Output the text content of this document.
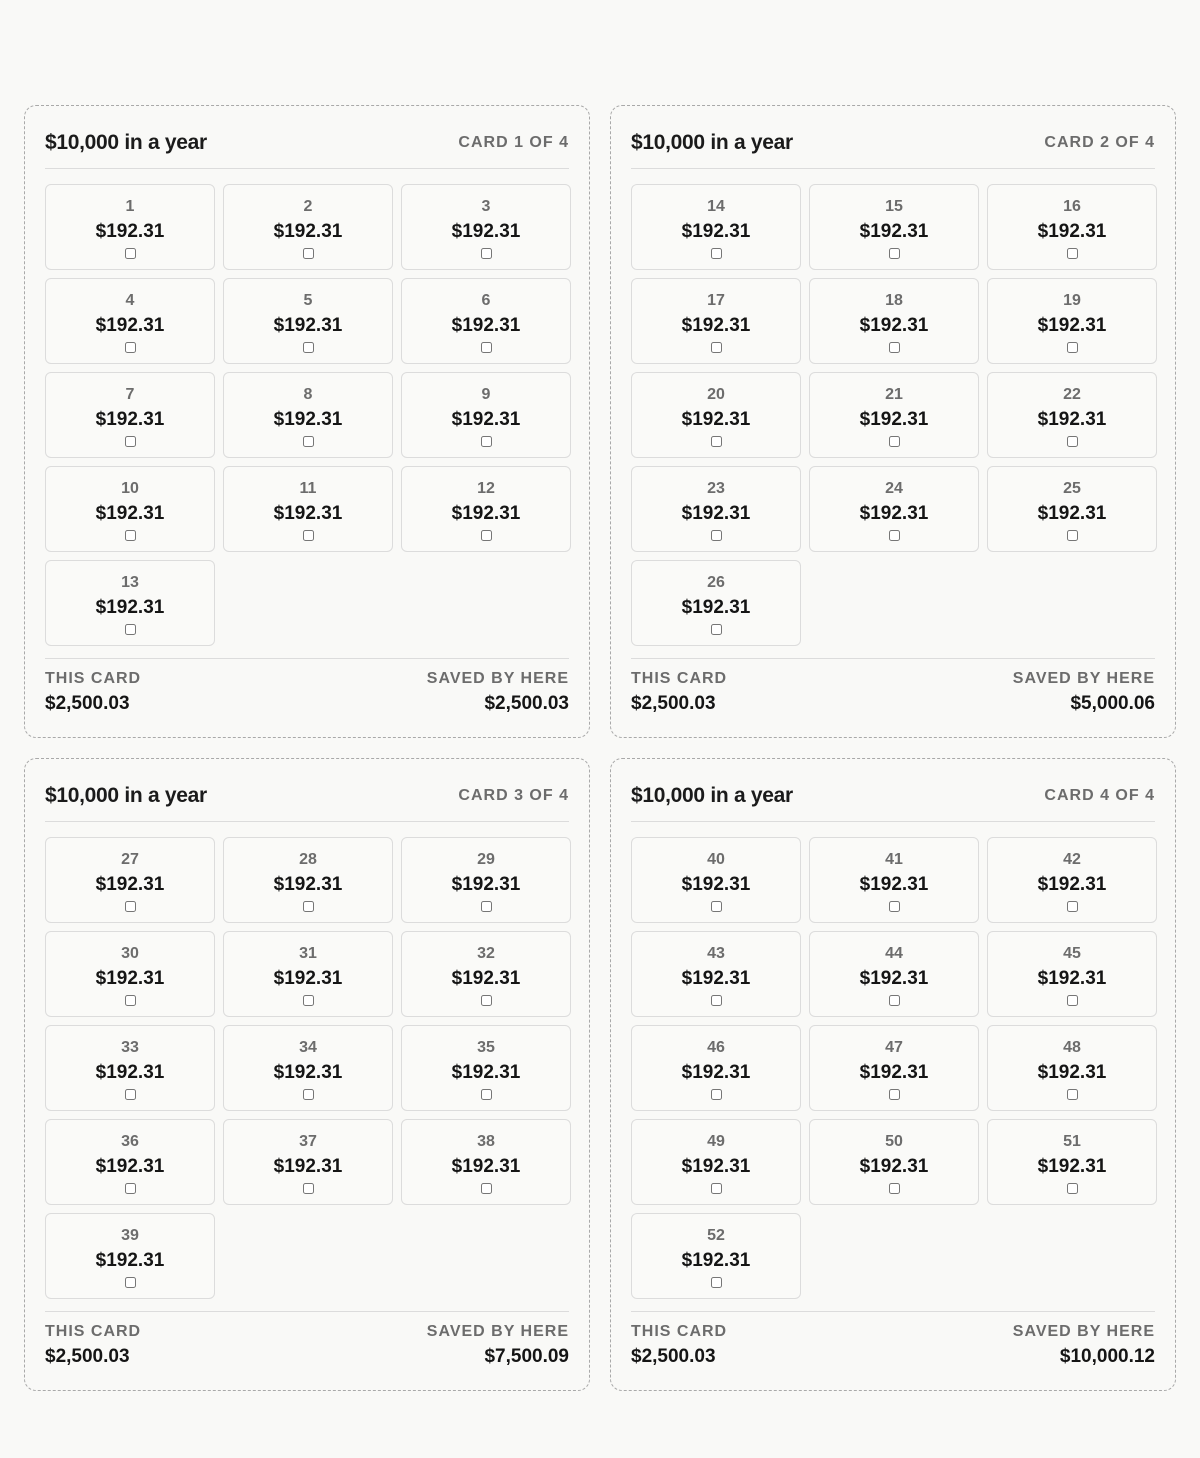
$10,000 in a year	CARD 1 OF 4
1
$192.31
2
$192.31
3
$192.31
4
$192.31
5
$192.31
6
$192.31
7
$192.31
8
$192.31
9
$192.31
10
$192.31
11
$192.31
12
$192.31
13
$192.31
THIS CARD
$2,500.03
SAVED BY HERE
$2,500.03
$10,000 in a year	CARD 2 OF 4
14
$192.31
15
$192.31
16
$192.31
17
$192.31
18
$192.31
19
$192.31
20
$192.31
21
$192.31
22
$192.31
23
$192.31
24
$192.31
25
$192.31
26
$192.31
THIS CARD
$2,500.03
SAVED BY HERE
$5,000.06
$10,000 in a year	CARD 3 OF 4
27
$192.31
28
$192.31
29
$192.31
30
$192.31
31
$192.31
32
$192.31
33
$192.31
34
$192.31
35
$192.31
36
$192.31
37
$192.31
38
$192.31
39
$192.31
THIS CARD
$2,500.03
SAVED BY HERE
$7,500.09
$10,000 in a year	CARD 4 OF 4
40
$192.31
41
$192.31
42
$192.31
43
$192.31
44
$192.31
45
$192.31
46
$192.31
47
$192.31
48
$192.31
49
$192.31
50
$192.31
51
$192.31
52
$192.31
THIS CARD
$2,500.03
SAVED BY HERE
$10,000.12
